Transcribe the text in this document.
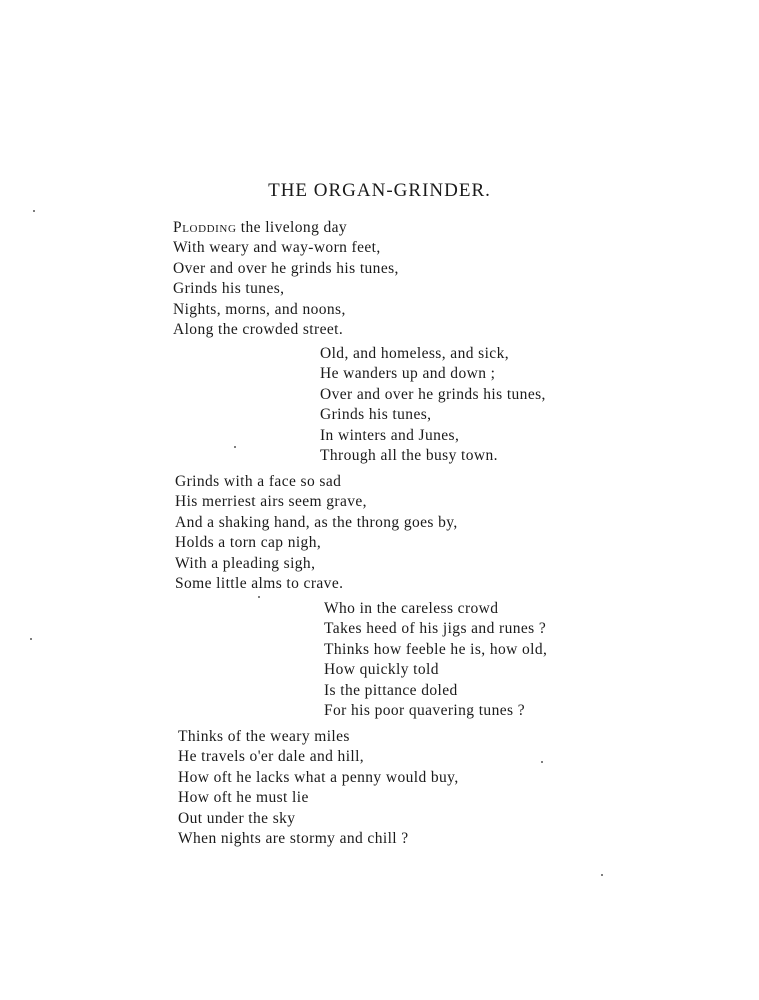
THE ORGAN-GRINDER.
Plodding the livelong day
With weary and way-worn feet,
Over and over he grinds his tunes,
Grinds his tunes,
Nights, morns, and noons,
Along the crowded street.
Old, and homeless, and sick,
He wanders up and down ;
Over and over he grinds his tunes,
Grinds his tunes,
In winters and Junes,
Through all the busy town.
Grinds with a face so sad
His merriest airs seem grave,
And a shaking hand, as the throng goes by,
Holds a torn cap nigh,
With a pleading sigh,
Some little alms to crave.
Who in the careless crowd
Takes heed of his jigs and runes ?
Thinks how feeble he is, how old,
How quickly told
Is the pittance doled
For his poor quavering tunes ?
Thinks of the weary miles
He travels o'er dale and hill,
How oft he lacks what a penny would buy,
How oft he must lie
Out under the sky
When nights are stormy and chill ?
